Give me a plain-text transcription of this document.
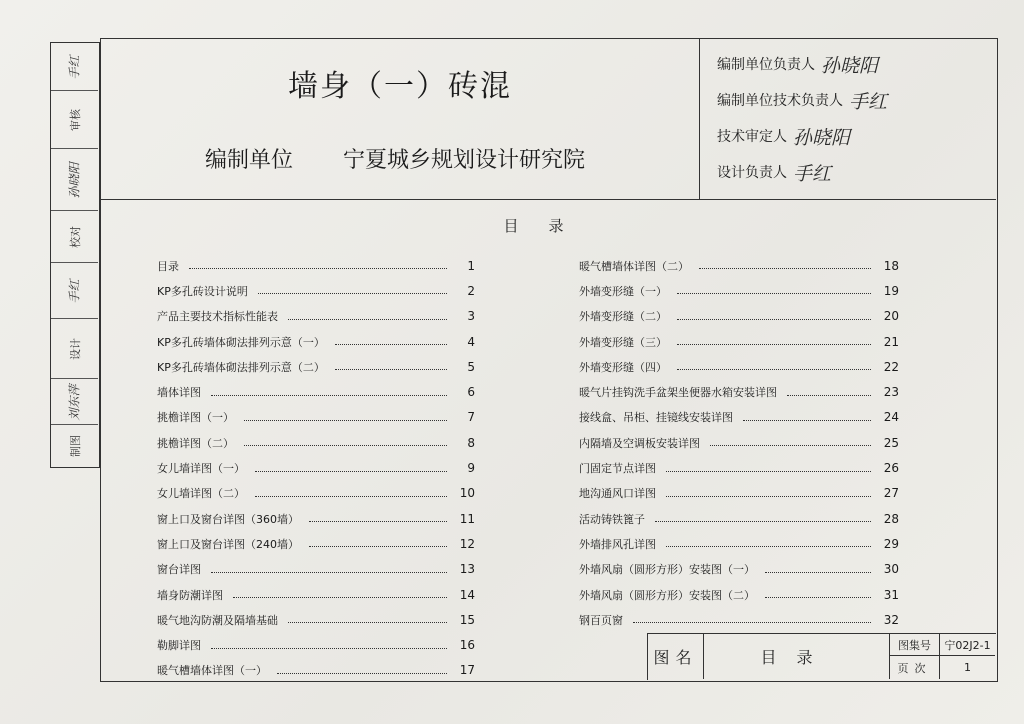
手红
审核
孙晓阳
校对
手红
设计
刘东萍
制图
墙身（一）砖混
编制单位 宁夏城乡规划设计研究院
编制单位负责人 孙晓阳
编制单位技术负责人 手红
技术审定人 孙晓阳
设计负责人 手红
目录
目录	1
KP多孔砖设计说明	2
产品主要技术指标性能表	3
KP多孔砖墙体砌法排列示意（一）	4
KP多孔砖墙体砌法排列示意（二）	5
墙体详图	6
挑檐详图（一）	7
挑檐详图（二）	8
女儿墙详图（一）	9
女儿墙详图（二）	10
窗上口及窗台详图（360墙）	11
窗上口及窗台详图（240墙）	12
窗台详图	13
墙身防潮详图	14
暖气地沟防潮及隔墙基础	15
勒脚详图	16
暖气槽墙体详图（一）	17
暖气槽墙体详图（二）	18
外墙变形缝（一）	19
外墙变形缝（二）	20
外墙变形缝（三）	21
外墙变形缝（四）	22
暖气片挂钩洗手盆架坐便器水箱安装详图	23
接线盒、吊柜、挂镜线安装详图	24
内隔墙及空调板安装详图	25
门固定节点详图	26
地沟通风口详图	27
活动铸铁篦子	28
外墙排风孔详图	29
外墙风扇（圆形方形）安装图（一）	30
外墙风扇（圆形方形）安装图（二）	31
钢百页窗	32
图名	目录
图集号	宁02J2-1
页次	1
